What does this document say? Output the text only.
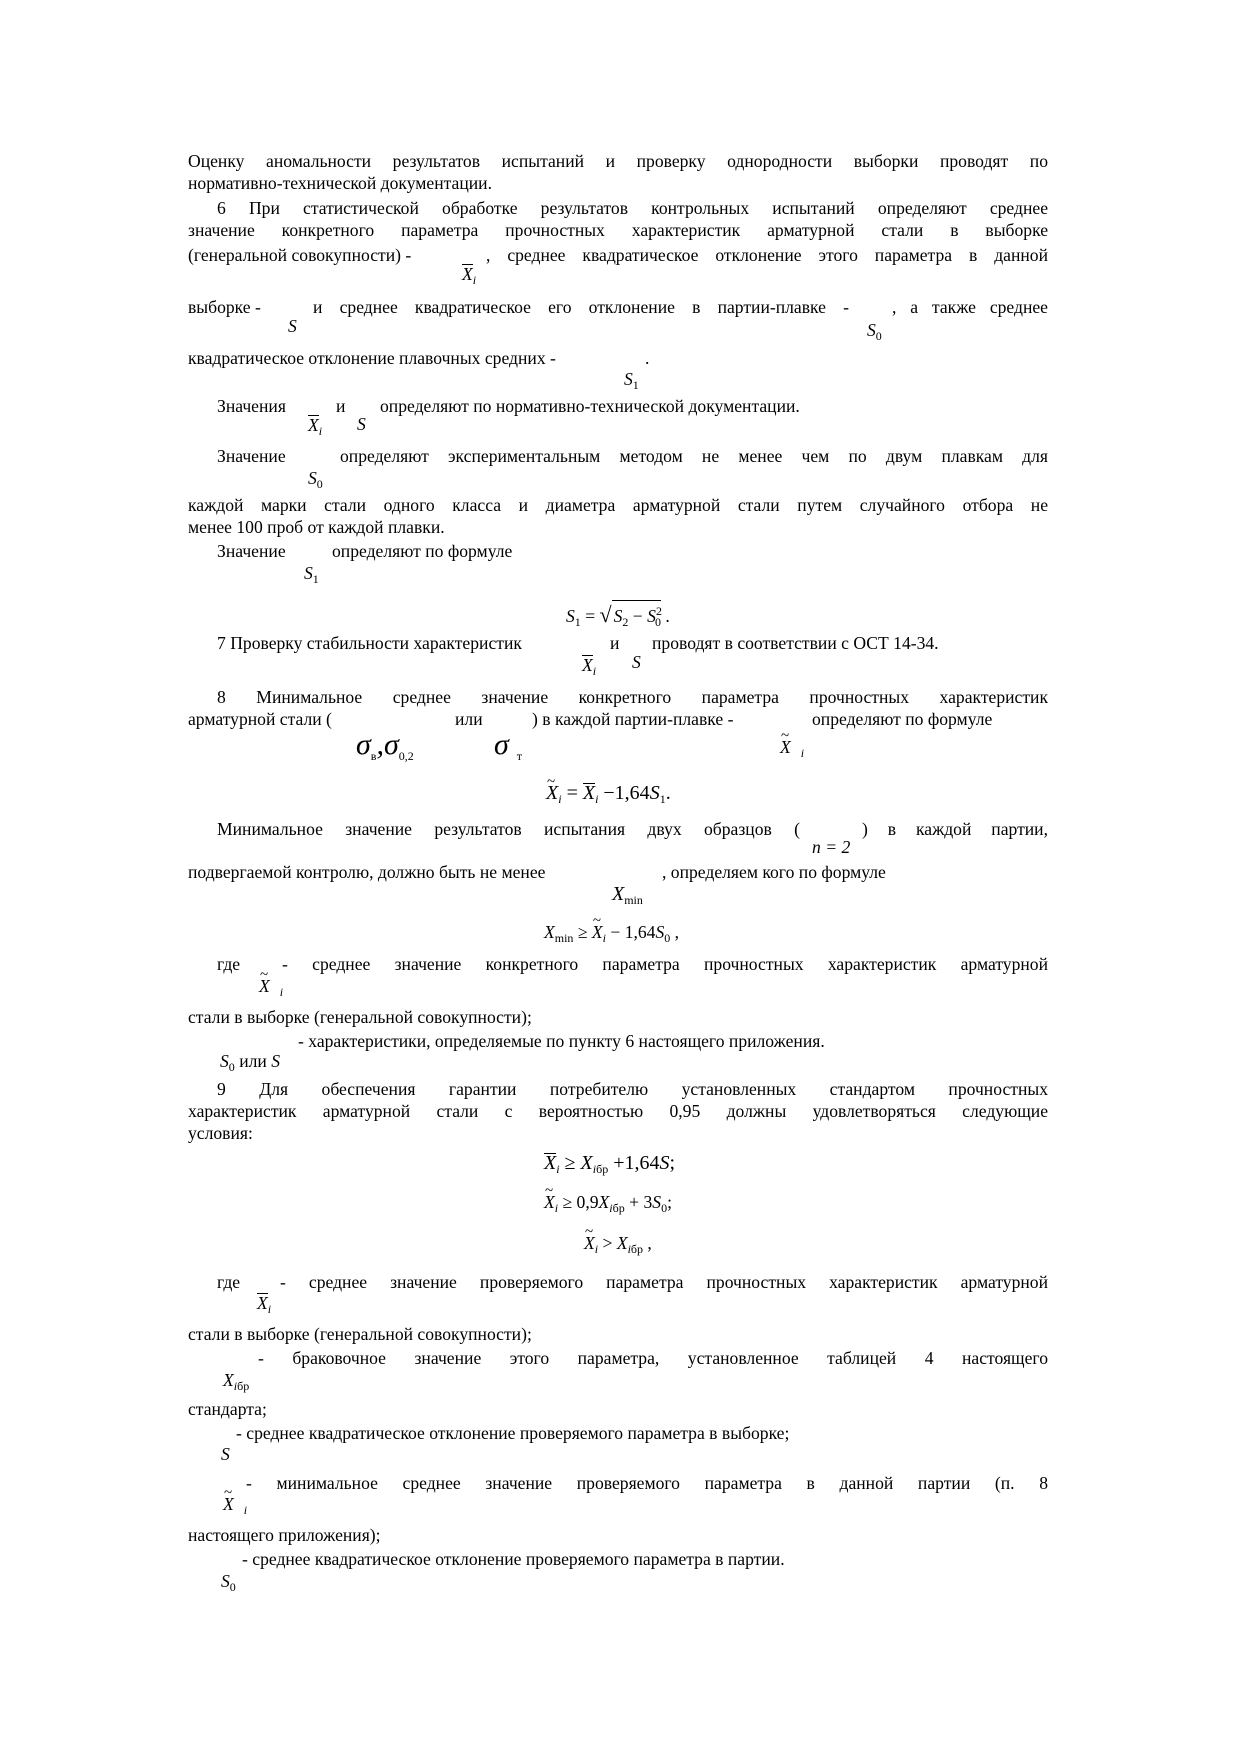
Оценку аномальности результатов испытаний и проверку однородности выборки проводят по
нормативно-технической документации.
6 При статистической обработке результатов контрольных испытаний определяют среднее
значение конкретного параметра прочностных характеристик арматурной стали в выборке
(генеральной совокупности) -	, среднее квадратическое отклонение этого параметра в данной
$X_i$
выборке -	и среднее квадратическое его отклонение в партии-плавке - , а также среднее
S	$S_0$
квадратическое отклонение плавочных средних -	.
$S_1$
Значения	и определяют по нормативно-технической документации.
$X_i$ S
Значение	определяют экспериментальным методом не менее чем по двум плавкам для
$S_0$
каждой марки стали одного класса и диаметра арматурной стали путем случайного отбора не
менее 100 проб от каждой плавки.
Значение	определяют по формуле
$S_1$
$S_1$ = √ $S_2 - S^2_0$ .
7 Проверку стабильности характеристик	и проводят в соответствии с ОСТ 14-34.
$X_i$ S
8 Минимальное среднее значение конкретного параметра прочностных характеристик
арматурной стали (	или	) в каждой партии-плавке -	определяют по формуле
$\sigma_в,\sigma_{0,2}$	σ $_т$
~	X $_i$
~ $X_i = X_i -1,64S_1$.
Минимальное значение результатов испытания двух образцов (	) в каждой партии,
n = 2
подвергаемой контролю, должно быть не менее	, определяем кого по формуле
$X_{min}$
$X_{min}$ ≥ ~ $X_i - 1,64S_0$ ,
где - среднее значение конкретного параметра прочностных характеристик арматурной
~ X $_i$
стали в выборке (генеральной совокупности);
- характеристики, определяемые по пункту 6 настоящего приложения.
$S_0$ или S
9 Для обеспечения гарантии потребителю установленных стандартом прочностных
характеристик арматурной стали с вероятностью 0,95 должны удовлетворяться следующие
условия:
$X_i \ge X_{iбр} +1,64S$;
~ $X_i \ge 0,9X_{iбр} + 3S_0$;
~ $X_i > X_{iбр}$ ,
где - среднее значение проверяемого параметра прочностных характеристик арматурной
$X_i$
стали в выборке (генеральной совокупности);
- браковочное значение этого параметра, установленное таблицей 4 настоящего
$X_{iбр}$
стандарта;
- среднее квадратическое отклонение проверяемого параметра в выборке;
S
- минимальное среднее значение проверяемого параметра в данной партии (п. 8
~ X $_i$
настоящего приложения);
- среднее квадратическое отклонение проверяемого параметра в партии.
$S_0$
